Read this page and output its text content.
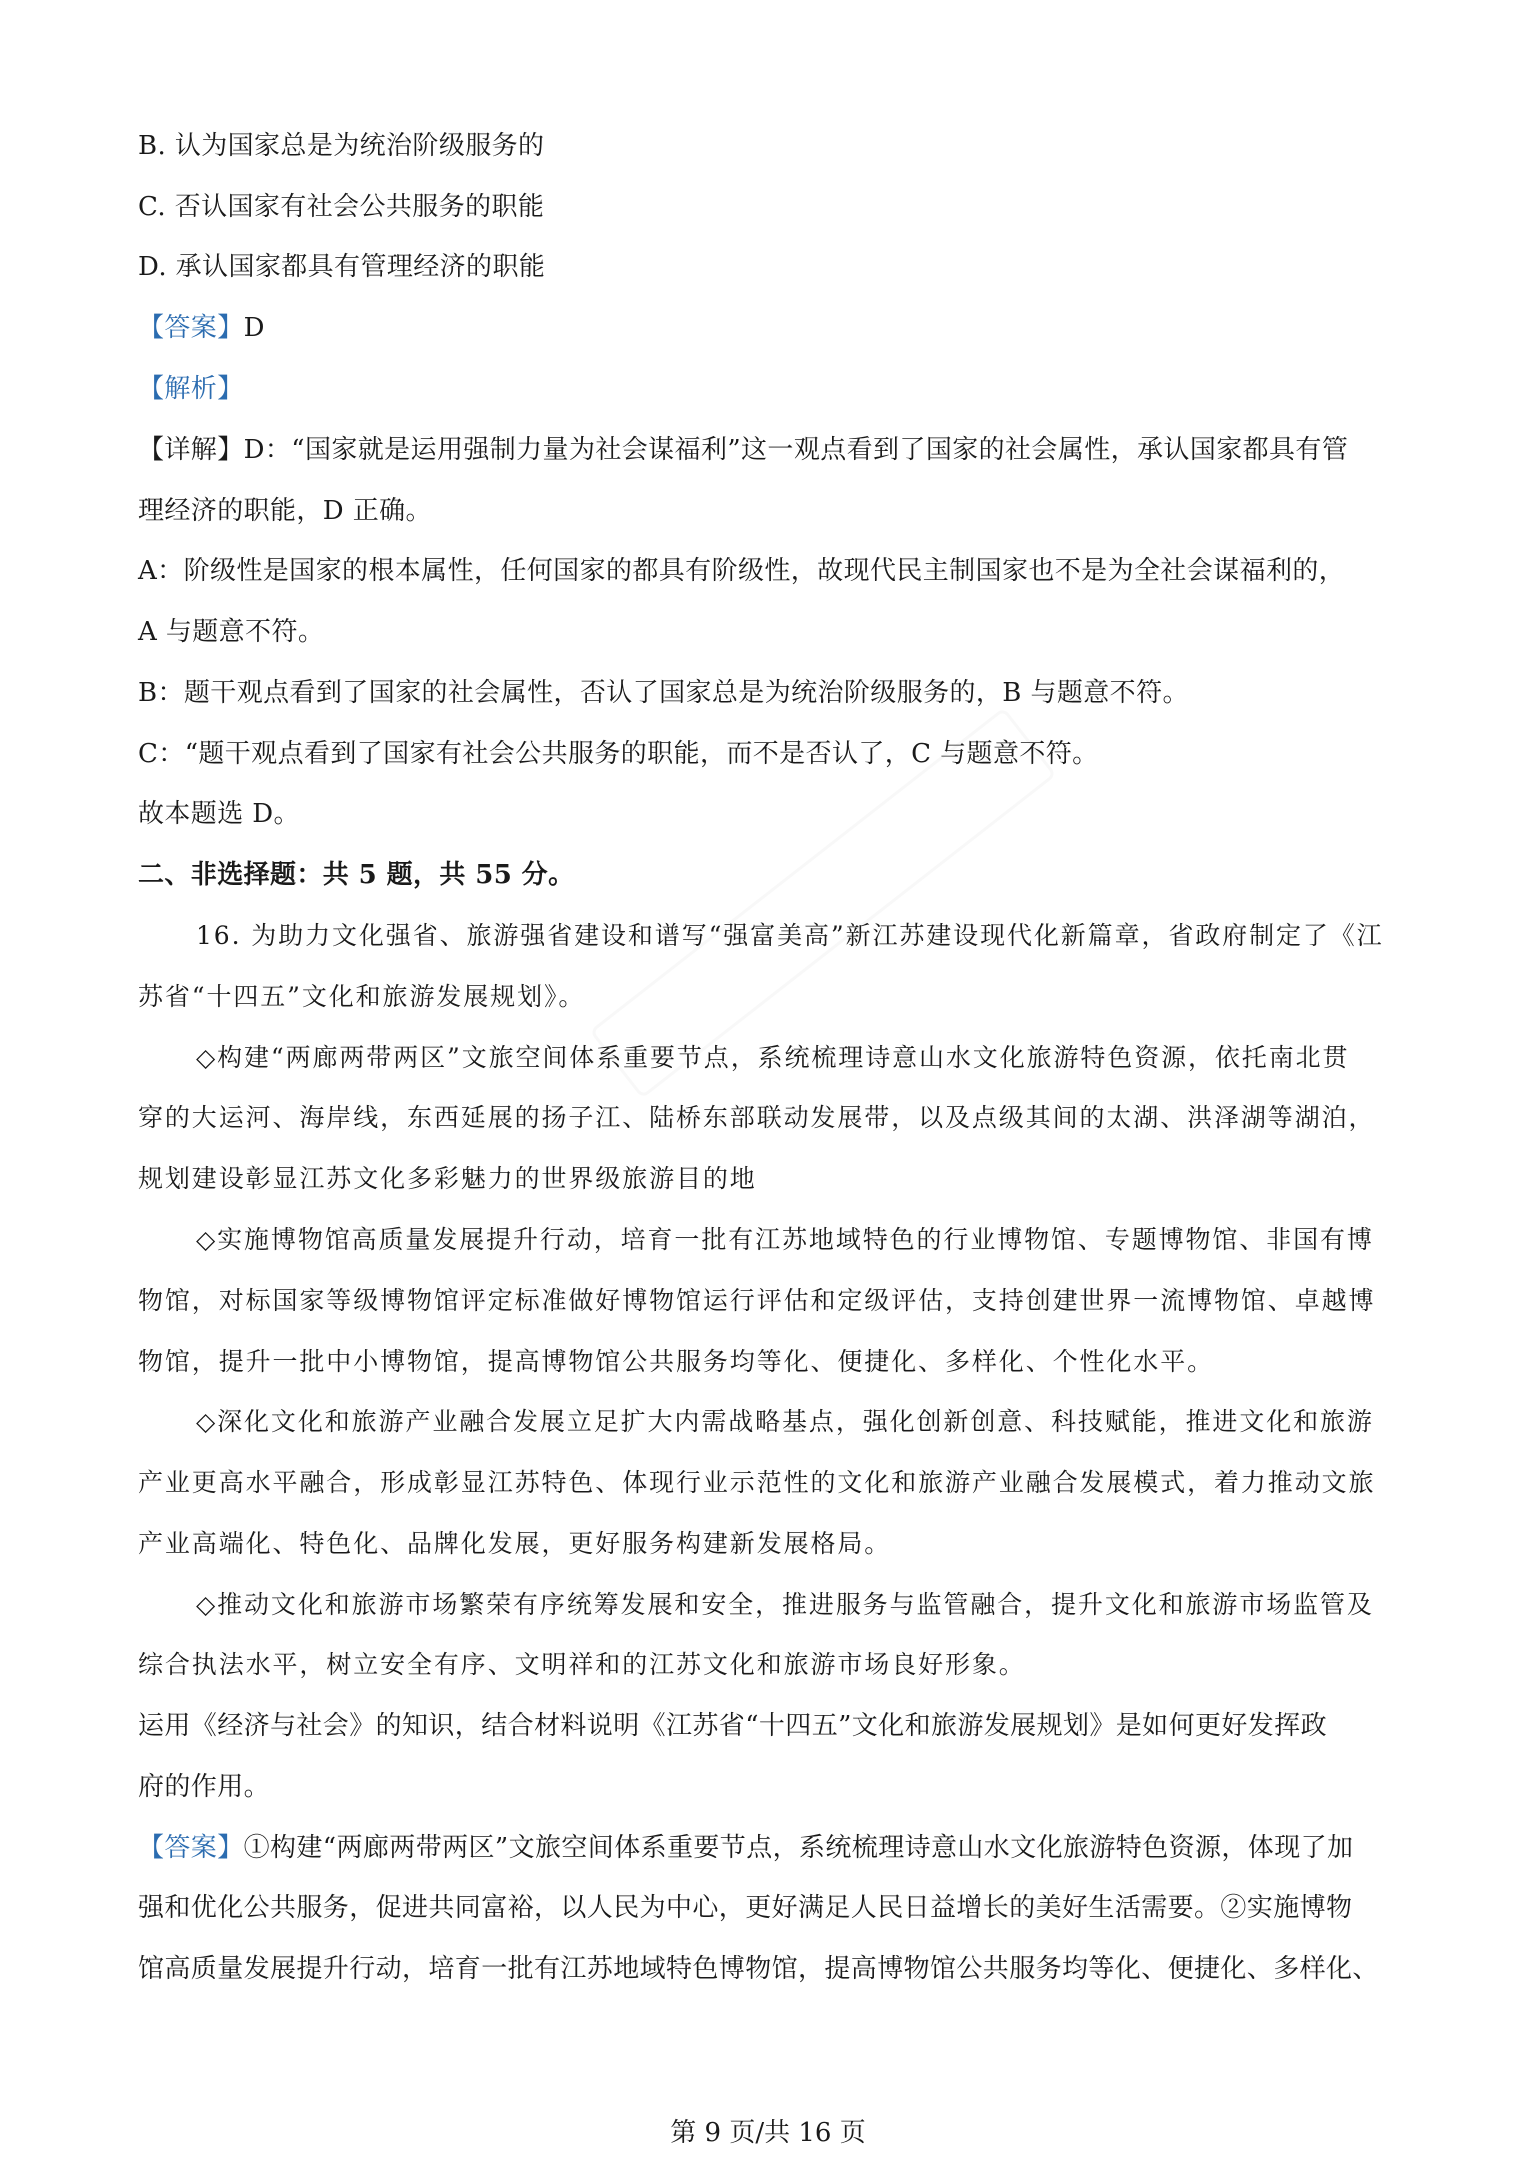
B. 认为国家总是为统治阶级服务的
C. 否认国家有社会公共服务的职能
D. 承认国家都具有管理经济的职能
【答案】D
【解析】
【详解】D：“国家就是运用强制力量为社会谋福利”这一观点看到了国家的社会属性，承认国家都具有管
理经济的职能，D 正确。
A：阶级性是国家的根本属性，任何国家的都具有阶级性，故现代民主制国家也不是为全社会谋福利的，
A 与题意不符。
B：题干观点看到了国家的社会属性，否认了国家总是为统治阶级服务的，B 与题意不符。
C：“题干观点看到了国家有社会公共服务的职能，而不是否认了，C 与题意不符。
故本题选 D。
二、非选择题：共 5 题，共 55 分。
16. 为助力文化强省、旅游强省建设和谱写“强富美高”新江苏建设现代化新篇章，省政府制定了《江
苏省“十四五”文化和旅游发展规划》。
◇构建“两廊两带两区”文旅空间体系重要节点，系统梳理诗意山水文化旅游特色资源，依托南北贯
穿的大运河、海岸线，东西延展的扬子江、陆桥东部联动发展带，以及点级其间的太湖、洪泽湖等湖泊，
规划建设彰显江苏文化多彩魅力的世界级旅游目的地
◇实施博物馆高质量发展提升行动，培育一批有江苏地域特色的行业博物馆、专题博物馆、非国有博
物馆，对标国家等级博物馆评定标准做好博物馆运行评估和定级评估，支持创建世界一流博物馆、卓越博
物馆，提升一批中小博物馆，提高博物馆公共服务均等化、便捷化、多样化、个性化水平。
◇深化文化和旅游产业融合发展立足扩大内需战略基点，强化创新创意、科技赋能，推进文化和旅游
产业更高水平融合，形成彰显江苏特色、体现行业示范性的文化和旅游产业融合发展模式，着力推动文旅
产业高端化、特色化、品牌化发展，更好服务构建新发展格局。
◇推动文化和旅游市场繁荣有序统筹发展和安全，推进服务与监管融合，提升文化和旅游市场监管及
综合执法水平，树立安全有序、文明祥和的江苏文化和旅游市场良好形象。
运用《经济与社会》的知识，结合材料说明《江苏省“十四五”文化和旅游发展规划》是如何更好发挥政
府的作用。
【答案】①构建“两廊两带两区”文旅空间体系重要节点，系统梳理诗意山水文化旅游特色资源，体现了加
强和优化公共服务，促进共同富裕，以人民为中心，更好满足人民日益增长的美好生活需要。②实施博物
馆高质量发展提升行动，培育一批有江苏地域特色博物馆，提高博物馆公共服务均等化、便捷化、多样化、
第 9 页/共 16 页
